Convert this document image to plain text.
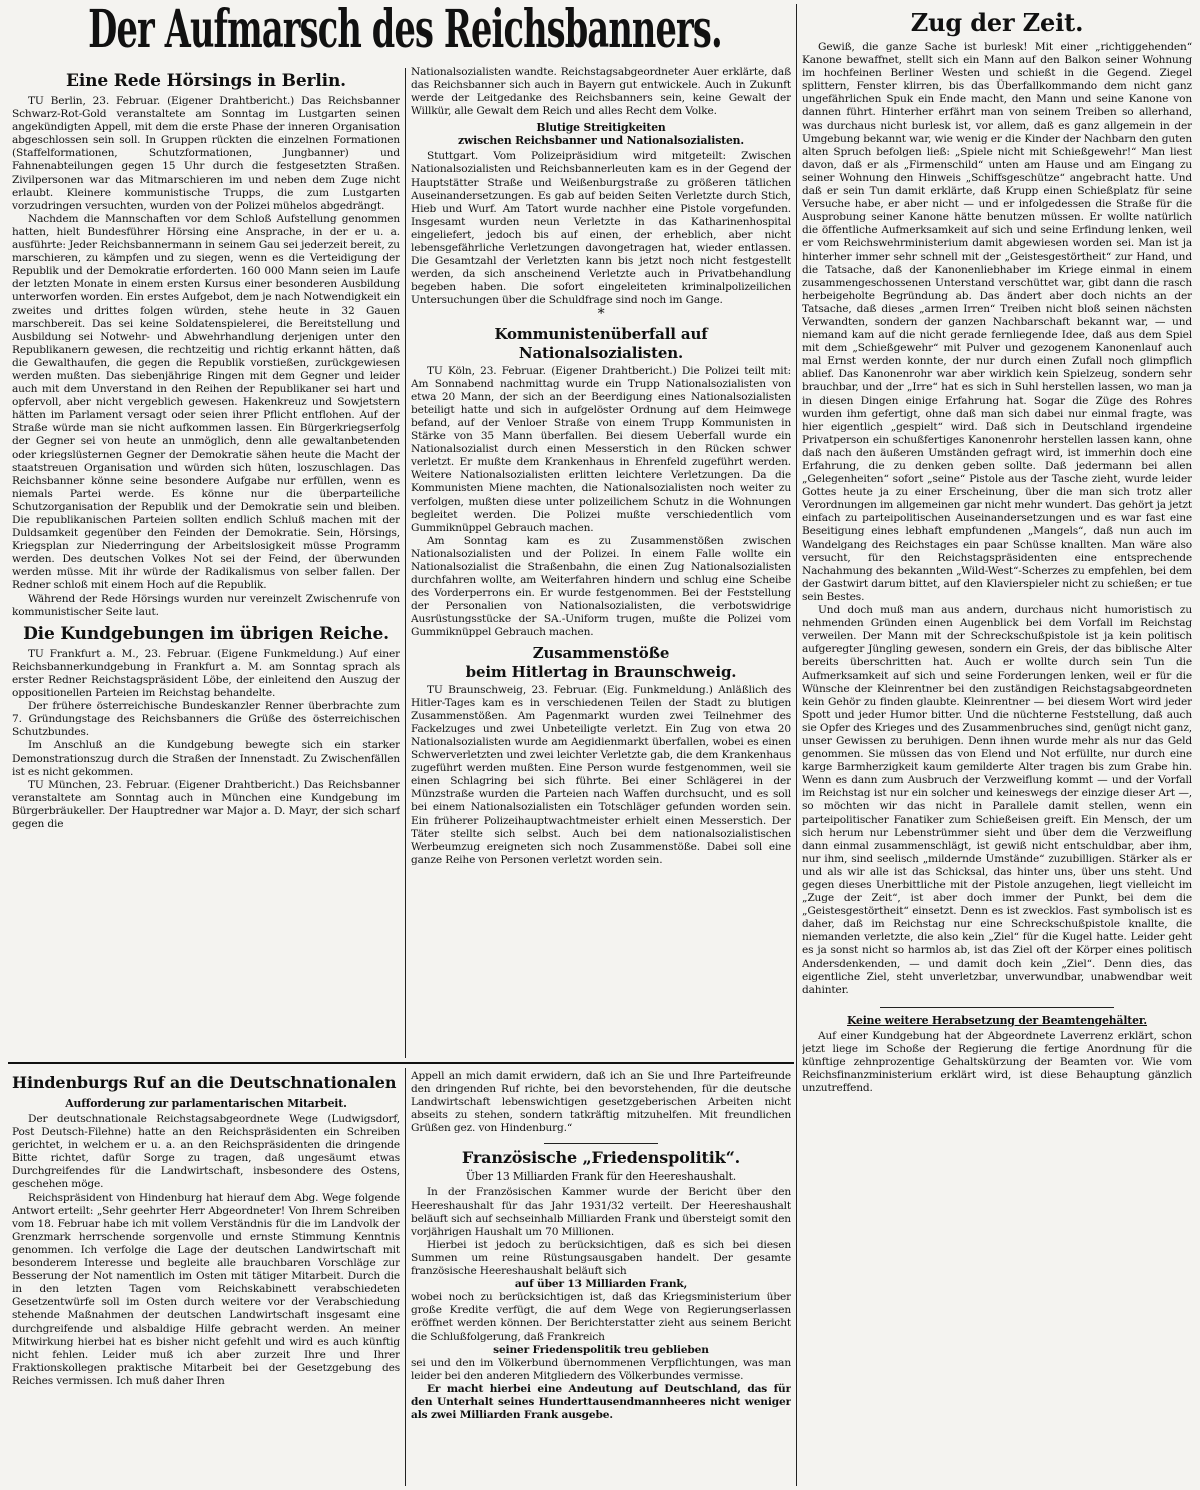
Der Aufmarsch des Reichsbanners.
Eine Rede Hörsings in Berlin.

TU Berlin, 23. Februar. (Eigener Drahtbericht.) Das Reichsbanner Schwarz-Rot-Gold veranstaltete am Sonntag im Lustgarten seinen angekündigten Appell, mit dem die erste Phase der inneren Organisation abgeschlossen sein soll. In Gruppen rückten die einzelnen Formationen (Staffelformationen, Schutzformationen, Jungbanner) und Fahnenabteilungen gegen 15 Uhr durch die festgesetzten Straßen. Zivilpersonen war das Mitmarschieren im und neben dem Zuge nicht erlaubt. Kleinere kommunistische Trupps, die zum Lustgarten vorzudringen versuchten, wurden von der Polizei mühelos abgedrängt.

Nachdem die Mannschaften vor dem Schloß Aufstellung genommen hatten, hielt Bundesführer Hörsing eine Ansprache, in der er u. a. ausführte: Jeder Reichsbannermann in seinem Gau sei jederzeit bereit, zu marschieren, zu kämpfen und zu siegen, wenn es die Verteidigung der Republik und der Demokratie erforderten. 160 000 Mann seien im Laufe der letzten Monate in einem ersten Kursus einer besonderen Ausbildung unterworfen worden. Ein erstes Aufgebot, dem je nach Notwendigkeit ein zweites und drittes folgen würden, stehe heute in 32 Gauen marschbereit. Das sei keine Soldatenspielerei, die Bereitstellung und Ausbildung sei Notwehr- und Abwehrhandlung derjenigen unter den Republikanern gewesen, die rechtzeitig und richtig erkannt hätten, daß die Gewalthaufen, die gegen die Republik vorstießen, zurückgewiesen werden mußten. Das siebenjährige Ringen mit dem Gegner und leider auch mit dem Unverstand in den Reihen der Republikaner sei hart und opfervoll, aber nicht vergeblich gewesen. Hakenkreuz und Sowjetstern hätten im Parlament versagt oder seien ihrer Pflicht entflohen. Auf der Straße würde man sie nicht aufkommen lassen. Ein Bürgerkriegserfolg der Gegner sei von heute an unmöglich, denn alle gewaltanbetenden oder kriegslüsternen Gegner der Demokratie sähen heute die Macht der staatstreuen Organisation und würden sich hüten, loszuschlagen. Das Reichsbanner könne seine besondere Aufgabe nur erfüllen, wenn es niemals Partei werde. Es könne nur die überparteiliche Schutzorganisation der Republik und der Demokratie sein und bleiben. Die republikanischen Parteien sollten endlich Schluß machen mit der Duldsamkeit gegenüber den Feinden der Demokratie. Sein, Hörsings, Kriegsplan zur Niederringung der Arbeitslosigkeit müsse Programm werden. Des deutschen Volkes Not sei der Feind, der überwunden werden müsse. Mit ihr würde der Radikalismus von selber fallen. Der Redner schloß mit einem Hoch auf die Republik.

Während der Rede Hörsings wurden nur vereinzelt Zwischenrufe von kommunistischer Seite laut.

Die Kundgebungen im übrigen Reiche.

TU Frankfurt a. M., 23. Februar. (Eigene Funkmeldung.) Auf einer Reichsbannerkundgebung in Frankfurt a. M. am Sonntag sprach als erster Redner Reichstagspräsident Löbe, der einleitend den Auszug der oppositionellen Parteien im Reichstag behandelte.

Der frühere österreichische Bundeskanzler Renner überbrachte zum 7. Gründungstage des Reichsbanners die Grüße des österreichischen Schutzbundes.

Im Anschluß an die Kundgebung bewegte sich ein starker Demonstrationszug durch die Straßen der Innenstadt. Zu Zwischenfällen ist es nicht gekommen.

TU München, 23. Februar. (Eigener Drahtbericht.) Das Reichsbanner veranstaltete am Sonntag auch in München eine Kundgebung im Bürgerbräukeller. Der Hauptredner war Major a. D. Mayr, der sich scharf gegen die

Nationalsozialisten wandte. Reichstagsabgeordneter Auer erklärte, daß das Reichsbanner sich auch in Bayern gut entwickele. Auch in Zukunft werde der Leitgedanke des Reichsbanners sein, keine Gewalt der Willkür, alle Gewalt dem Reich und alles Recht dem Volke.

Blutige Streitigkeiten
zwischen Reichsbanner und Nationalsozialisten.

Stuttgart. Vom Polizeipräsidium wird mitgeteilt: Zwischen Nationalsozialisten und Reichsbannerleuten kam es in der Gegend der Hauptstätter Straße und Weißenburgstraße zu größeren tätlichen Auseinandersetzungen. Es gab auf beiden Seiten Verletzte durch Stich, Hieb und Wurf. Am Tatort wurde nachher eine Pistole vorgefunden. Insgesamt wurden neun Verletzte in das Katharinenhospital eingeliefert, jedoch bis auf einen, der erheblich, aber nicht lebensgefährliche Verletzungen davongetragen hat, wieder entlassen. Die Gesamtzahl der Verletzten kann bis jetzt noch nicht festgestellt werden, da sich anscheinend Verletzte auch in Privatbehandlung begeben haben. Die sofort eingeleiteten kriminalpolizeilichen Untersuchungen über die Schuldfrage sind noch im Gange.

*

Kommunistenüberfall auf Nationalsozialisten.

TU Köln, 23. Februar. (Eigener Drahtbericht.) Die Polizei teilt mit: Am Sonnabend nachmittag wurde ein Trupp Nationalsozialisten von etwa 20 Mann, der sich an der Beerdigung eines Nationalsozialisten beteiligt hatte und sich in aufgelöster Ordnung auf dem Heimwege befand, auf der Venloer Straße von einem Trupp Kommunisten in Stärke von 35 Mann überfallen. Bei diesem Ueberfall wurde ein Nationalsozialist durch einen Messerstich in den Rücken schwer verletzt. Er mußte dem Krankenhaus in Ehrenfeld zugeführt werden. Weitere Nationalsozialisten erlitten leichtere Verletzungen. Da die Kommunisten Miene machten, die Nationalsozialisten noch weiter zu verfolgen, mußten diese unter polizeilichem Schutz in die Wohnungen begleitet werden. Die Polizei mußte verschiedentlich vom Gummiknüppel Gebrauch machen.

Am Sonntag kam es zu Zusammenstößen zwischen Nationalsozialisten und der Polizei. In einem Falle wollte ein Nationalsozialist die Straßenbahn, die einen Zug Nationalsozialisten durchfahren wollte, am Weiterfahren hindern und schlug eine Scheibe des Vorderperrons ein. Er wurde festgenommen. Bei der Feststellung der Personalien von Nationalsozialisten, die verbotswidrige Ausrüstungsstücke der SA.-Uniform trugen, mußte die Polizei vom Gummiknüppel Gebrauch machen.

Zusammenstöße
beim Hitlertag in Braunschweig.

TU Braunschweig, 23. Februar. (Eig. Funkmeldung.) Anläßlich des Hitler-Tages kam es in verschiedenen Teilen der Stadt zu blutigen Zusammenstößen. Am Pagenmarkt wurden zwei Teilnehmer des Fackelzuges und zwei Unbeteiligte verletzt. Ein Zug von etwa 20 Nationalsozialisten wurde am Aegidienmarkt überfallen, wobei es einen Schwerverletzten und zwei leichter Verletzte gab, die dem Krankenhaus zugeführt werden mußten. Eine Person wurde festgenommen, weil sie einen Schlagring bei sich führte. Bei einer Schlägerei in der Münzstraße wurden die Parteien nach Waffen durchsucht, und es soll bei einem Nationalsozialisten ein Totschläger gefunden worden sein. Ein früherer Polizeihauptwachtmeister erhielt einen Messerstich. Der Täter stellte sich selbst. Auch bei dem nationalsozialistischen Werbeumzug ereigneten sich noch Zusammenstöße. Dabei soll eine ganze Reihe von Personen verletzt worden sein.

Zug der Zeit.

Gewiß, die ganze Sache ist burlesk! Mit einer „richtiggehenden“ Kanone bewaffnet, stellt sich ein Mann auf den Balkon seiner Wohnung im hochfeinen Berliner Westen und schießt in die Gegend. Ziegel splittern, Fenster klirren, bis das Überfallkommando dem nicht ganz ungefährlichen Spuk ein Ende macht, den Mann und seine Kanone von dannen führt. Hinterher erfährt man von seinem Treiben so allerhand, was durchaus nicht burlesk ist, vor allem, daß es ganz allgemein in der Umgebung bekannt war, wie wenig er die Kinder der Nachbarn den guten alten Spruch befolgen ließ: „Spiele nicht mit Schießgewehr!“ Man liest davon, daß er als „Firmenschild“ unten am Hause und am Eingang zu seiner Wohnung den Hinweis „Schiffsgeschütze“ angebracht hatte. Und daß er sein Tun damit erklärte, daß Krupp einen Schießplatz für seine Versuche habe, er aber nicht — und er infolgedessen die Straße für die Ausprobung seiner Kanone hätte benutzen müssen. Er wollte natürlich die öffentliche Aufmerksamkeit auf sich und seine Erfindung lenken, weil er vom Reichswehrministerium damit abgewiesen worden sei. Man ist ja hinterher immer sehr schnell mit der „Geistesgestörtheit“ zur Hand, und die Tatsache, daß der Kanonenliebhaber im Kriege einmal in einem zusammengeschossenen Unterstand verschüttet war, gibt dann die rasch herbeigeholte Begründung ab. Das ändert aber doch nichts an der Tatsache, daß dieses „armen Irren“ Treiben nicht bloß seinen nächsten Verwandten, sondern der ganzen Nachbarschaft bekannt war, — und niemand kam auf die nicht gerade fernliegende Idee, daß aus dem Spiel mit dem „Schießgewehr“ mit Pulver und gezogenem Kanonenlauf auch mal Ernst werden konnte, der nur durch einen Zufall noch glimpflich ablief. Das Kanonenrohr war aber wirklich kein Spielzeug, sondern sehr brauchbar, und der „Irre“ hat es sich in Suhl herstellen lassen, wo man ja in diesen Dingen einige Erfahrung hat. Sogar die Züge des Rohres wurden ihm gefertigt, ohne daß man sich dabei nur einmal fragte, was hier eigentlich „gespielt“ wird. Daß sich in Deutschland irgendeine Privatperson ein schußfertiges Kanonenrohr herstellen lassen kann, ohne daß nach den äußeren Umständen gefragt wird, ist immerhin doch eine Erfahrung, die zu denken geben sollte. Daß jedermann bei allen „Gelegenheiten“ sofort „seine“ Pistole aus der Tasche zieht, wurde leider Gottes heute ja zu einer Erscheinung, über die man sich trotz aller Verordnungen im allgemeinen gar nicht mehr wundert. Das gehört ja jetzt einfach zu parteipolitischen Auseinandersetzungen und es war fast eine Beseitigung eines lebhaft empfundenen „Mangels“, daß nun auch im Wandelgang des Reichstages ein paar Schüsse knallten. Man wäre also versucht, für den Reichstagspräsidenten eine entsprechende Nachahmung des bekannten „Wild-West“-Scherzes zu empfehlen, bei dem der Gastwirt darum bittet, auf den Klavierspieler nicht zu schießen; er tue sein Bestes.

Und doch muß man aus andern, durchaus nicht humoristisch zu nehmenden Gründen einen Augenblick bei dem Vorfall im Reichstag verweilen. Der Mann mit der Schreckschußpistole ist ja kein politisch aufgeregter Jüngling gewesen, sondern ein Greis, der das biblische Alter bereits überschritten hat. Auch er wollte durch sein Tun die Aufmerksamkeit auf sich und seine Forderungen lenken, weil er für die Wünsche der Kleinrentner bei den zuständigen Reichstagsabgeordneten kein Gehör zu finden glaubte. Kleinrentner — bei diesem Wort wird jeder Spott und jeder Humor bitter. Und die nüchterne Feststellung, daß auch sie Opfer des Krieges und des Zusammenbruches sind, genügt nicht ganz, unser Gewissen zu beruhigen. Denn ihnen wurde mehr als nur das Geld genommen. Sie müssen das von Elend und Not erfüllte, nur durch eine karge Barmherzigkeit kaum gemilderte Alter tragen bis zum Grabe hin. Wenn es dann zum Ausbruch der Verzweiflung kommt — und der Vorfall im Reichstag ist nur ein solcher und keineswegs der einzige dieser Art —, so möchten wir das nicht in Parallele damit stellen, wenn ein parteipolitischer Fanatiker zum Schießeisen greift. Ein Mensch, der um sich herum nur Lebenstrümmer sieht und über dem die Verzweiflung dann einmal zusammenschlägt, ist gewiß nicht entschuldbar, aber ihm, nur ihm, sind seelisch „mildernde Umstände“ zuzubilligen. Stärker als er und als wir alle ist das Schicksal, das hinter uns, über uns steht. Und gegen dieses Unerbittliche mit der Pistole anzugehen, liegt vielleicht im „Zuge der Zeit“, ist aber doch immer der Punkt, bei dem die „Geistesgestörtheit“ einsetzt. Denn es ist zwecklos. Fast symbolisch ist es daher, daß im Reichstag nur eine Schreckschußpistole knallte, die niemanden verletzte, die also kein „Ziel“ für die Kugel hatte. Leider geht es ja sonst nicht so harmlos ab, ist das Ziel oft der Körper eines politisch Andersdenkenden, — und damit doch kein „Ziel“. Denn dies, das eigentliche Ziel, steht unverletzbar, unverwundbar, unabwendbar weit dahinter.

Keine weitere Herabsetzung der Beamtengehälter.

Auf einer Kundgebung hat der Abgeordnete Laverrenz erklärt, schon jetzt liege im Schoße der Regierung die fertige Anordnung für die künftige zehnprozentige Gehaltskürzung der Beamten vor. Wie vom Reichsfinanzministerium erklärt wird, ist diese Behauptung gänzlich unzutreffend.

Hindenburgs Ruf an die Deutschnationalen
Aufforderung zur parlamentarischen Mitarbeit.

Der deutschnationale Reichstagsabgeordnete Wege (Ludwigsdorf, Post Deutsch-Filehne) hatte an den Reichspräsidenten ein Schreiben gerichtet, in welchem er u. a. an den Reichspräsidenten die dringende Bitte richtet, dafür Sorge zu tragen, daß ungesäumt etwas Durchgreifendes für die Landwirtschaft, insbesondere des Ostens, geschehen möge.

Reichspräsident von Hindenburg hat hierauf dem Abg. Wege folgende Antwort erteilt: „Sehr geehrter Herr Abgeordneter! Von Ihrem Schreiben vom 18. Februar habe ich mit vollem Verständnis für die im Landvolk der Grenzmark herrschende sorgenvolle und ernste Stimmung Kenntnis genommen. Ich verfolge die Lage der deutschen Landwirtschaft mit besonderem Interesse und begleite alle brauchbaren Vorschläge zur Besserung der Not namentlich im Osten mit tätiger Mitarbeit. Durch die in den letzten Tagen vom Reichskabinett verabschiedeten Gesetzentwürfe soll im Osten durch weitere vor der Verabschiedung stehende Maßnahmen der deutschen Landwirtschaft insgesamt eine durchgreifende und alsbaldige Hilfe gebracht werden. An meiner Mitwirkung hierbei hat es bisher nicht gefehlt und wird es auch künftig nicht fehlen. Leider muß ich aber zurzeit Ihre und Ihrer Fraktionskollegen praktische Mitarbeit bei der Gesetzgebung des Reiches vermissen. Ich muß daher Ihren

Appell an mich damit erwidern, daß ich an Sie und Ihre Parteifreunde den dringenden Ruf richte, bei den bevorstehenden, für die deutsche Landwirtschaft lebenswichtigen gesetzgeberischen Arbeiten nicht abseits zu stehen, sondern tatkräftig mitzuhelfen. Mit freundlichen Grüßen gez. von Hindenburg.“

Französische „Friedenspolitik“.
Über 13 Milliarden Frank für den Heereshaushalt.

In der Französischen Kammer wurde der Bericht über den Heereshaushalt für das Jahr 1931/32 verteilt. Der Heereshaushalt beläuft sich auf sechseinhalb Milliarden Frank und übersteigt somit den vorjährigen Haushalt um 70 Millionen.

Hierbei ist jedoch zu berücksichtigen, daß es sich bei diesen Summen um reine Rüstungsausgaben handelt. Der gesamte französische Heereshaushalt beläuft sich

auf über 13 Milliarden Frank,

wobei noch zu berücksichtigen ist, daß das Kriegsministerium über große Kredite verfügt, die auf dem Wege von Regierungserlassen eröffnet werden können. Der Berichterstatter zieht aus seinem Bericht die Schlußfolgerung, daß Frankreich

seiner Friedenspolitik treu geblieben

sei und den im Völkerbund übernommenen Verpflichtungen, was man leider bei den anderen Mitgliedern des Völkerbundes vermisse.

Er macht hierbei eine Andeutung auf Deutschland, das für den Unterhalt seines Hunderttausendmannheeres nicht weniger als zwei Milliarden Frank ausgebe.
